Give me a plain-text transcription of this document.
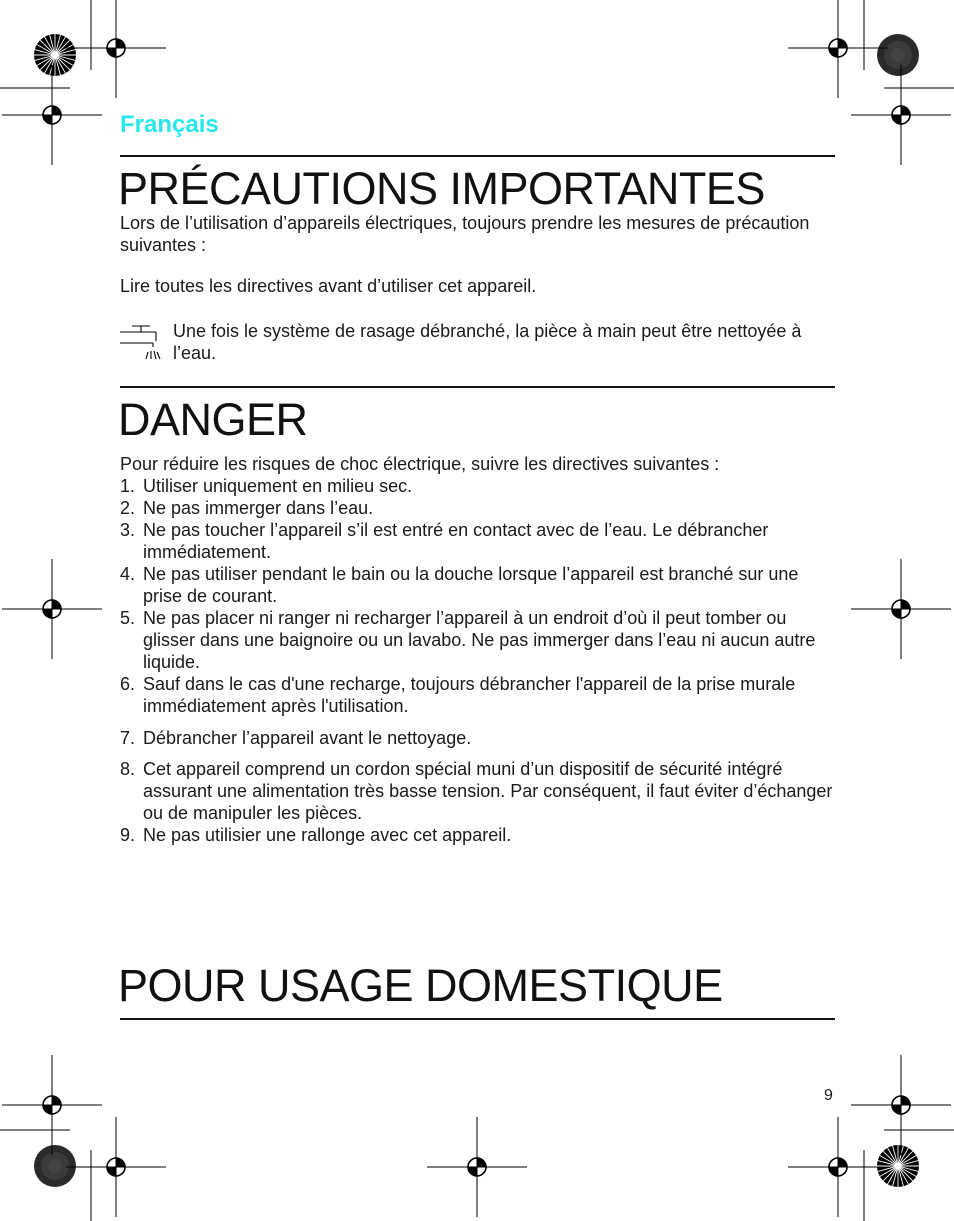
Français

PRÉCAUTIONS IMPORTANTES

Lors de l’utilisation d’appareils électriques, toujours prendre les mesures de précaution suivantes :

Lire toutes les directives avant d’utiliser cet appareil.

Une fois le système de rasage débranché, la pièce à main peut être nettoyée à l’eau.

DANGER

Pour réduire les risques de choc électrique, suivre les directives suivantes :

1. Utiliser uniquement en milieu sec.
2. Ne pas immerger dans l’eau.
3. Ne pas toucher l’appareil s’il est entré en contact avec de l’eau. Le débrancher immédiatement.
4. Ne pas utiliser pendant le bain ou la douche lorsque l’appareil est branché sur une prise de courant.
5. Ne pas placer ni ranger ni recharger l’appareil à un endroit d’où il peut tomber ou glisser dans une baignoire ou un lavabo. Ne pas immerger dans l’eau ni aucun autre liquide.
6. Sauf dans le cas d'une recharge, toujours débrancher l'appareil de la prise murale immédiatement après l'utilisation.
7. Débrancher l’appareil avant le nettoyage.
8. Cet appareil comprend un cordon spécial muni d’un dispositif de sécurité intégré assurant une alimentation très basse tension. Par conséquent, il faut éviter d’échanger ou de manipuler les pièces.
9. Ne pas utilisier une rallonge avec cet appareil.
POUR USAGE DOMESTIQUE

9
